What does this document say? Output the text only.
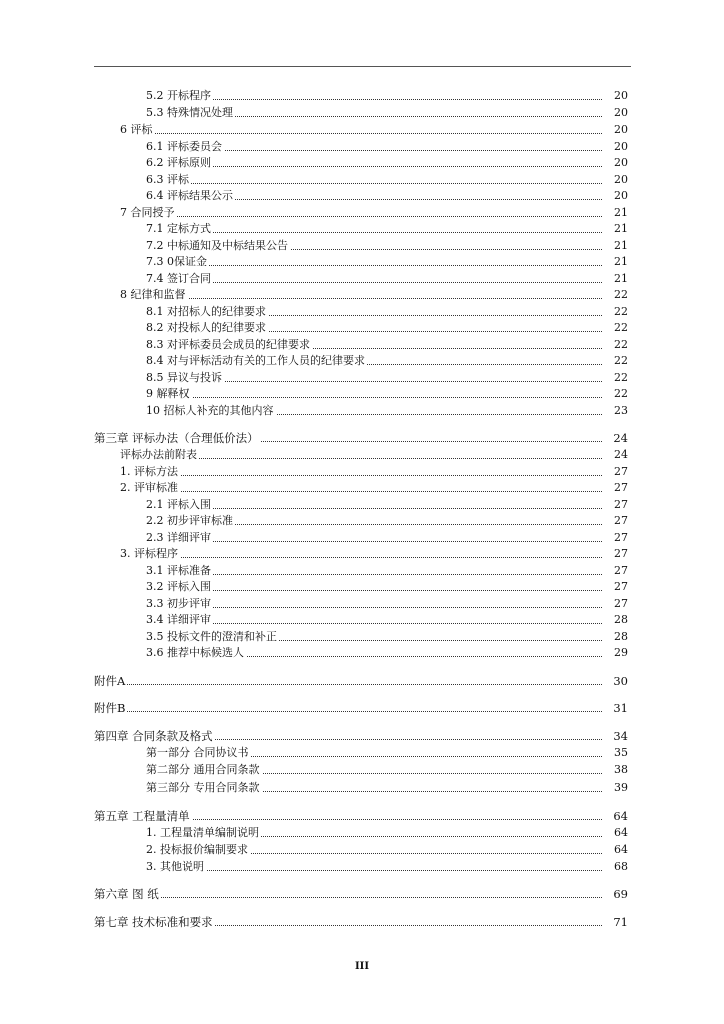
5.2 开标程序	20
5.3 特殊情况处理	20
6 评标	20
6.1 评标委员会	20
6.2 评标原则	20
6.3 评标	20
6.4 评标结果公示	20
7 合同授予	21
7.1 定标方式	21
7.2 中标通知及中标结果公告	21
7.3 0保证金	21
7.4 签订合同	21
8 纪律和监督	22
8.1 对招标人的纪律要求	22
8.2 对投标人的纪律要求	22
8.3 对评标委员会成员的纪律要求	22
8.4 对与评标活动有关的工作人员的纪律要求	22
8.5 异议与投诉	22
9 解释权	22
10 招标人补充的其他内容	23
第三章 评标办法（合理低价法）	24
评标办法前附表	24
1. 评标方法	27
2. 评审标准	27
2.1 评标入围	27
2.2 初步评审标准	27
2.3 详细评审	27
3. 评标程序	27
3.1 评标准备	27
3.2 评标入围	27
3.3 初步评审	27
3.4 详细评审	28
3.5 投标文件的澄清和补正	28
3.6 推荐中标候选人	29
附件A	30
附件B	31
第四章 合同条款及格式	34
第一部分 合同协议书	35
第二部分 通用合同条款	38
第三部分 专用合同条款	39
第五章 工程量清单	64
1. 工程量清单编制说明	64
2. 投标报价编制要求	64
3. 其他说明	68
第六章 图 纸	69
第七章 技术标准和要求	71
III
